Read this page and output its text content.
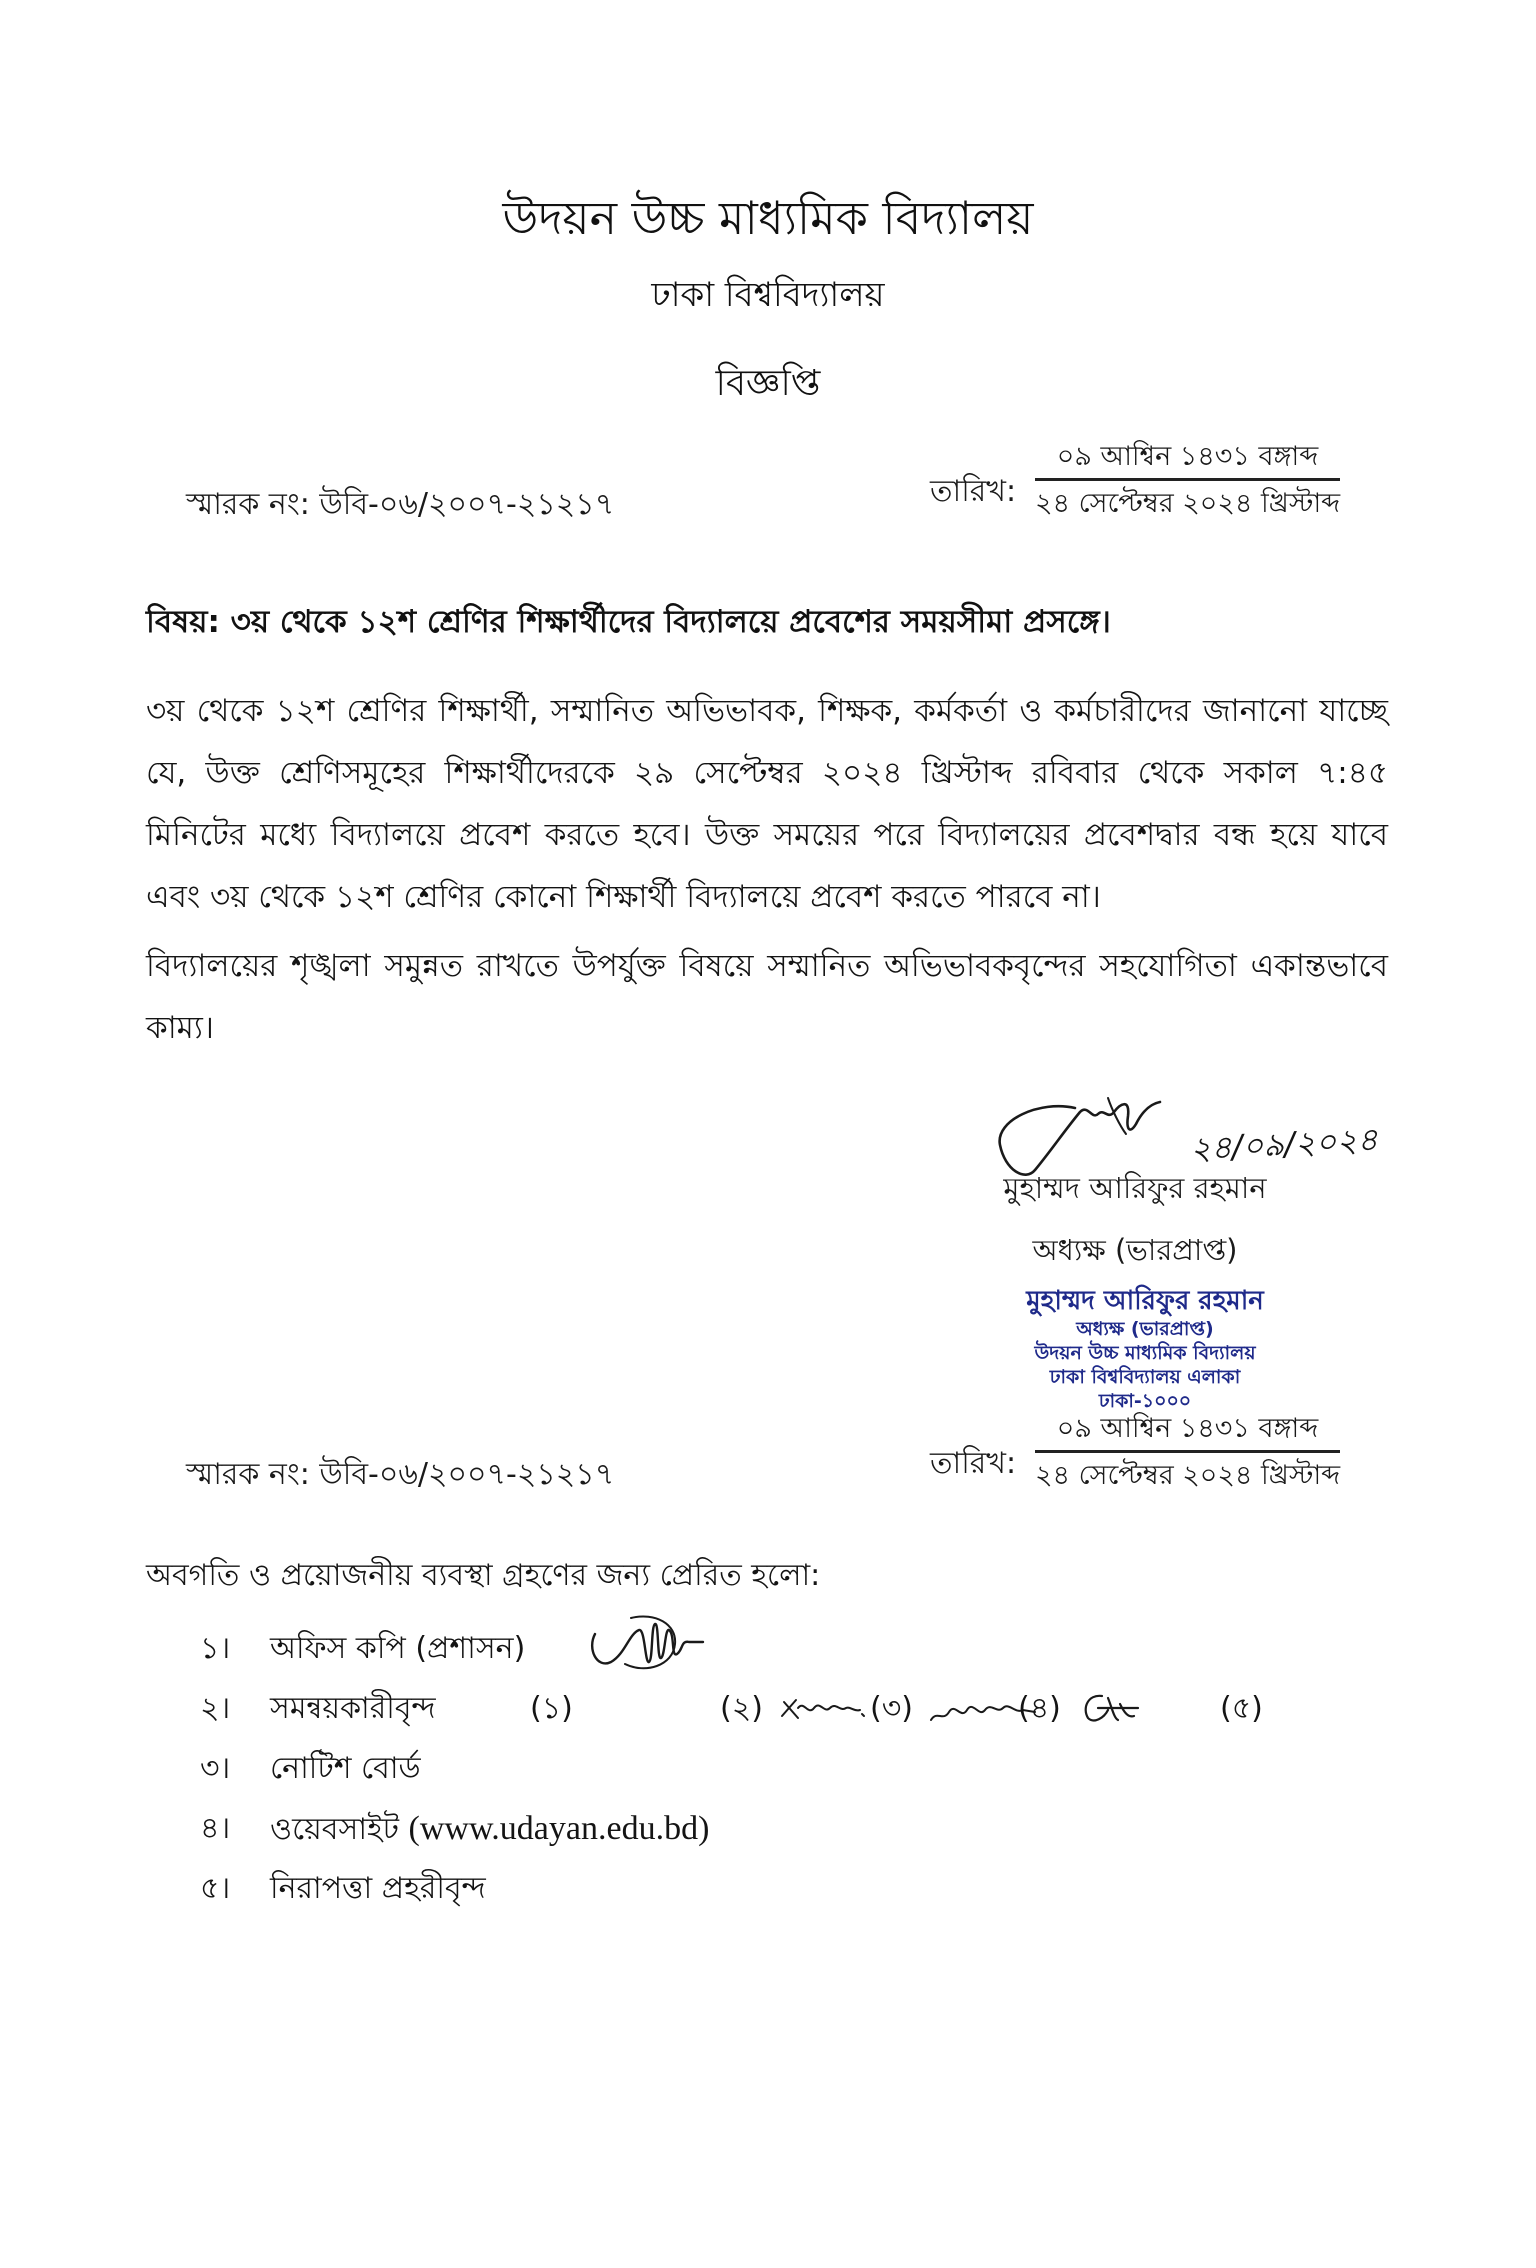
উদয়ন উচ্চ মাধ্যমিক বিদ্যালয়
ঢাকা বিশ্ববিদ্যালয়
বিজ্ঞপ্তি
স্মারক নং: উবি-০৬/২০০৭-২১২১৭	তারিখ:
০৯ আশ্বিন ১৪৩১ বঙ্গাব্দ
২৪ সেপ্টেম্বর ২০২৪ খ্রিস্টাব্দ
বিষয়: ৩য় থেকে ১২শ শ্রেণির শিক্ষার্থীদের বিদ্যালয়ে প্রবেশের সময়সীমা প্রসঙ্গে।
৩য় থেকে ১২শ শ্রেণির শিক্ষার্থী, সম্মানিত অভিভাবক, শিক্ষক, কর্মকর্তা ও কর্মচারীদের জানানো যাচ্ছে যে, উক্ত শ্রেণিসমূহের শিক্ষার্থীদেরকে ২৯ সেপ্টেম্বর ২০২৪ খ্রিস্টাব্দ রবিবার থেকে সকাল ৭:৪৫ মিনিটের মধ্যে বিদ্যালয়ে প্রবেশ করতে হবে। উক্ত সময়ের পরে বিদ্যালয়ের প্রবেশদ্বার বন্ধ হয়ে যাবে এবং ৩য় থেকে ১২শ শ্রেণির কোনো শিক্ষার্থী বিদ্যালয়ে প্রবেশ করতে পারবে না।
বিদ্যালয়ের শৃঙ্খলা সমুন্নত রাখতে উপর্যুক্ত বিষয়ে সম্মানিত অভিভাবকবৃন্দের সহযোগিতা একান্তভাবে কাম্য।
২৪/০৯/২০২৪
মুহাম্মদ আরিফুর রহমান
অধ্যক্ষ (ভারপ্রাপ্ত)
মুহাম্মদ আরিফুর রহমান
অধ্যক্ষ (ভারপ্রাপ্ত)
উদয়ন উচ্চ মাধ্যমিক বিদ্যালয়
ঢাকা বিশ্ববিদ্যালয় এলাকা
ঢাকা-১০০০
স্মারক নং: উবি-০৬/২০০৭-২১২১৭	তারিখ:
০৯ আশ্বিন ১৪৩১ বঙ্গাব্দ
২৪ সেপ্টেম্বর ২০২৪ খ্রিস্টাব্দ
অবগতি ও প্রয়োজনীয় ব্যবস্থা গ্রহণের জন্য প্রেরিত হলো:
১। অফিস কপি (প্রশাসন)
২। সমন্বয়কারীবৃন্দ	(১)	(২)	(৩)	(৪)	(৫)
৩। নোটিশ বোর্ড
৪। ওয়েবসাইট (www.udayan.edu.bd)
৫। নিরাপত্তা প্রহরীবৃন্দ
